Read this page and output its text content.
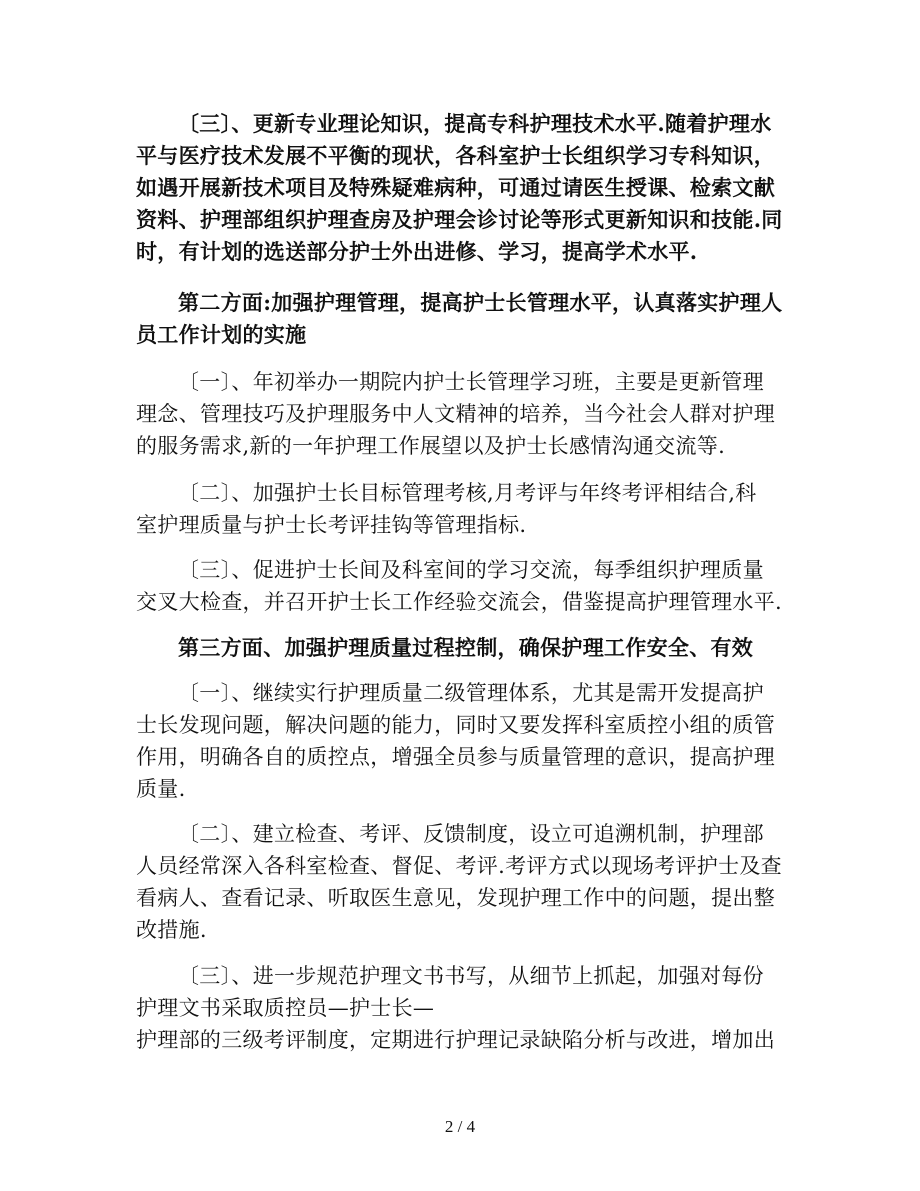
〔三〕、更新专业理论知识，提高专科护理技术水平.随着护理水
平与医疗技术发展不平衡的现状，各科室护士长组织学习专科知识，
如遇开展新技术项目及特殊疑难病种，可通过请医生授课、检索文献
资料、护理部组织护理查房及护理会诊讨论等形式更新知识和技能.同
时，有计划的选送部分护士外出进修、学习，提高学术水平.
第二方面:加强护理管理，提高护士长管理水平，认真落实护理人
员工作计划的实施
〔一〕、年初举办一期院内护士长管理学习班，主要是更新管理
理念、管理技巧及护理服务中人文精神的培养，当今社会人群对护理
的服务需求,新的一年护理工作展望以及护士长感情沟通交流等.
〔二〕、加强护士长目标管理考核,月考评与年终考评相结合,科
室护理质量与护士长考评挂钩等管理指标.
〔三〕、促进护士长间及科室间的学习交流，每季组织护理质量
交叉大检查，并召开护士长工作经验交流会，借鉴提高护理管理水平.
第三方面、加强护理质量过程控制，确保护理工作安全、有效
〔一〕、继续实行护理质量二级管理体系，尤其是需开发提高护
士长发现问题，解决问题的能力，同时又要发挥科室质控小组的质管
作用，明确各自的质控点，增强全员参与质量管理的意识，提高护理
质量.
〔二〕、建立检查、考评、反馈制度，设立可追溯机制，护理部
人员经常深入各科室检查、督促、考评.考评方式以现场考评护士及查
看病人、查看记录、听取医生意见，发现护理工作中的问题，提出整
改措施.
〔三〕、进一步规范护理文书书写，从细节上抓起，加强对每份
护理文书采取质控员—护士长—
护理部的三级考评制度，定期进行护理记录缺陷分析与改进，增加出
2 / 4
